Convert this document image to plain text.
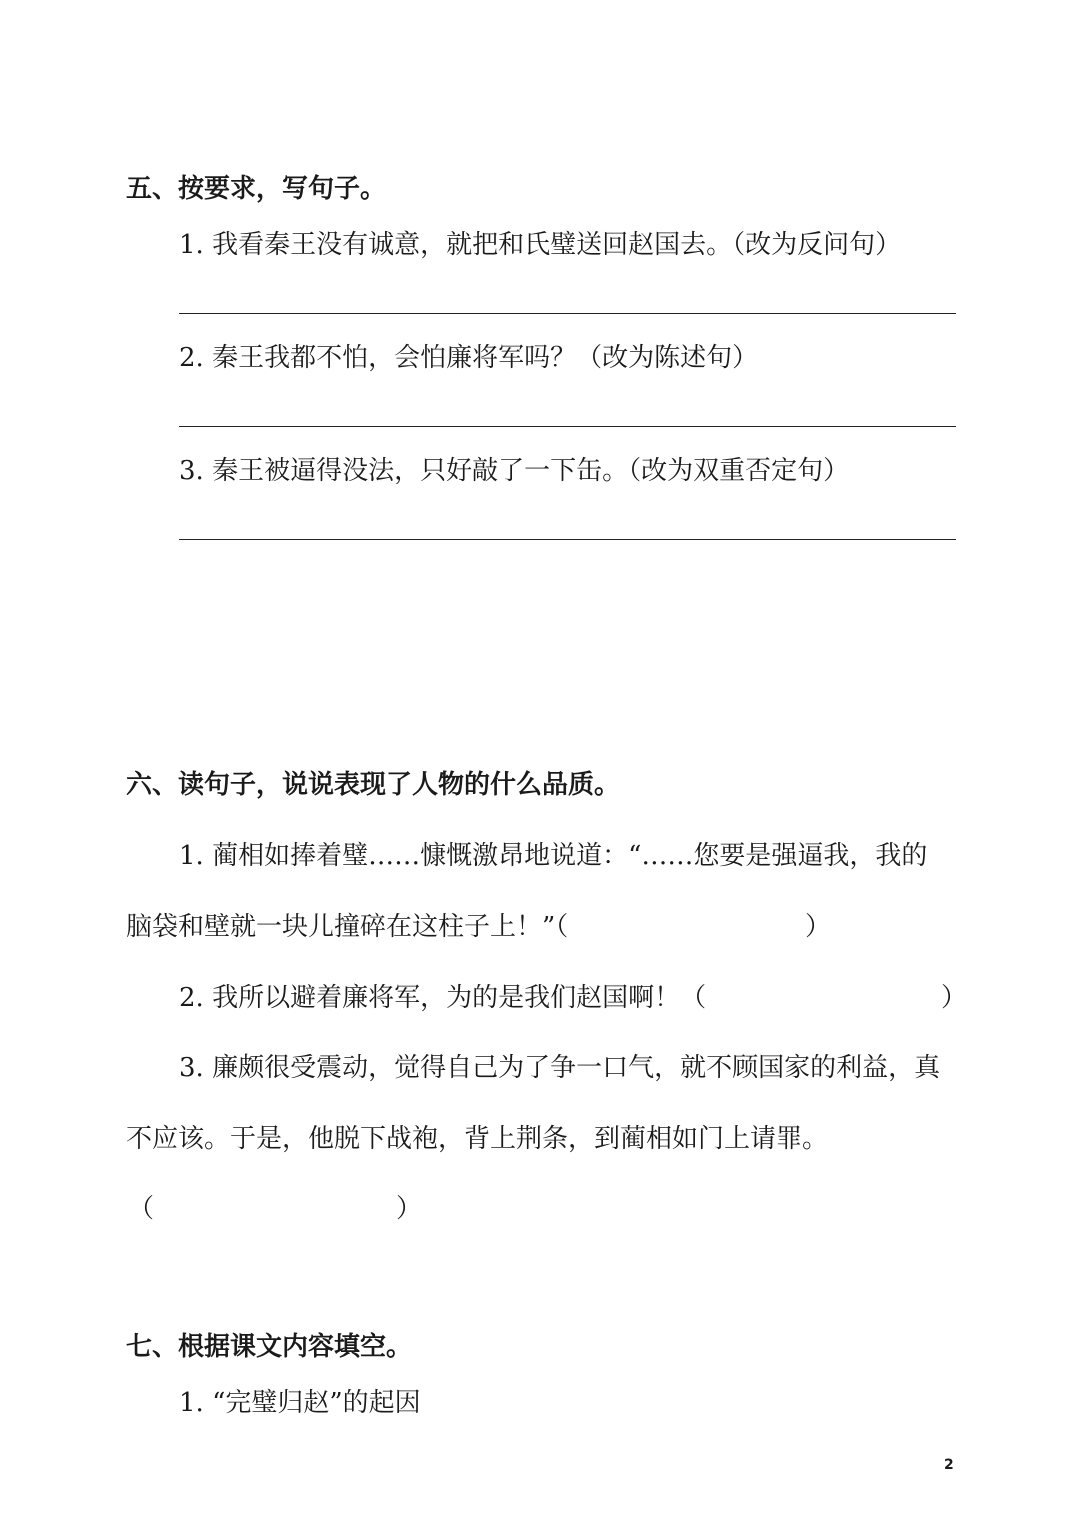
五、按要求，写句子。

1. 我看秦王没有诚意，就把和氏璧送回赵国去。（改为反问句）

2. 秦王我都不怕，会怕廉将军吗？（改为陈述句）

3. 秦王被逼得没法，只好敲了一下缶。（改为双重否定句）

六、读句子，说说表现了人物的什么品质。

1. 蔺相如捧着璧……慷慨激昂地说道：“……您要是强逼我，我的

脑袋和壁就一块儿撞碎在这柱子上！”（	）

2. 我所以避着廉将军，为的是我们赵国啊！（	）

3. 廉颇很受震动，觉得自己为了争一口气，就不顾国家的利益，真

不应该。于是，他脱下战袍，背上荆条，到蔺相如门上请罪。

（	）

七、根据课文内容填空。

1. “完璧归赵”的起因

2
